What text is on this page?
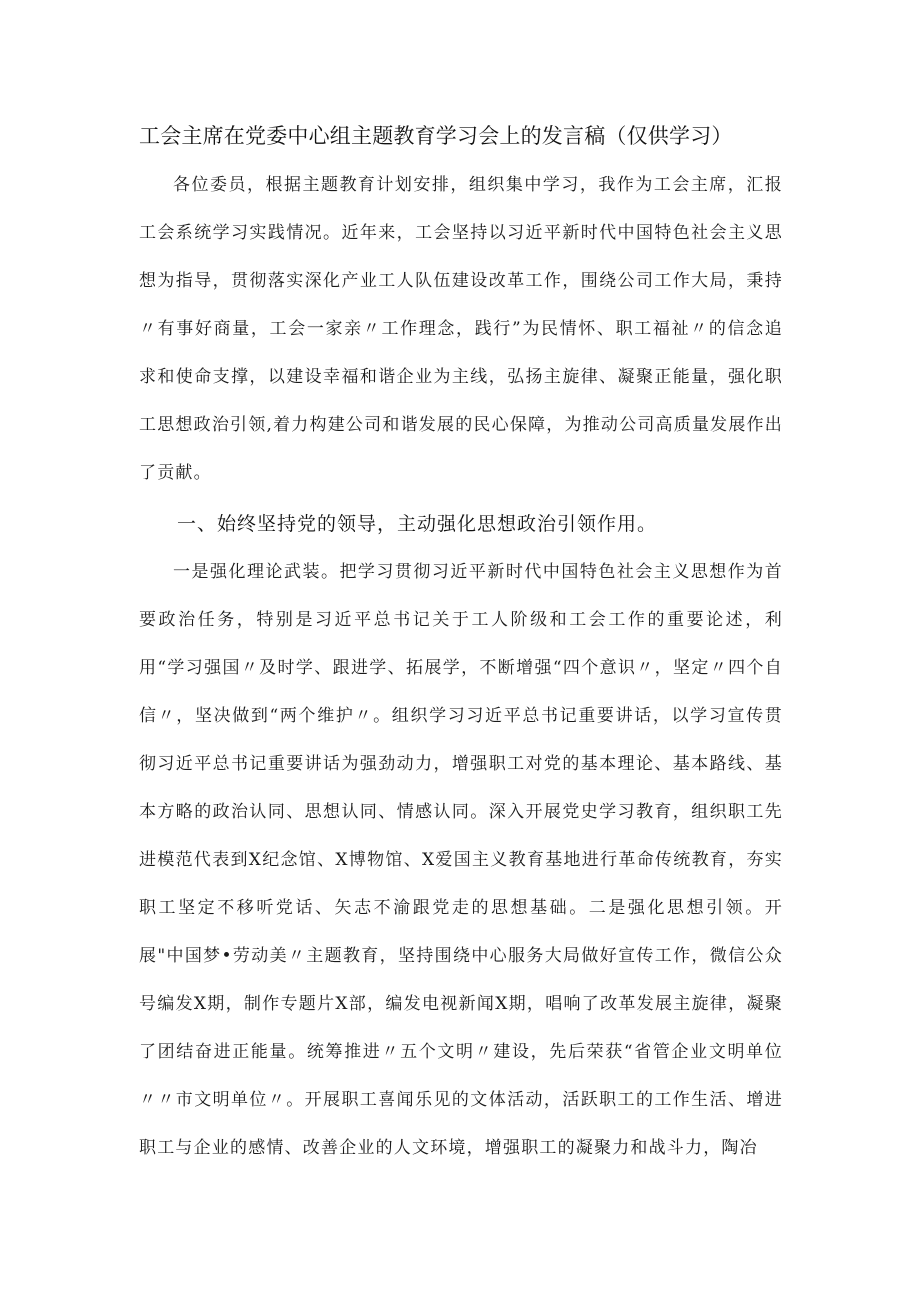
工会主席在党委中心组主题教育学习会上的发言稿（仅供学习）

各位委员，根据主题教育计划安排，组织集中学习，我作为工会主席，汇报工会系统学习实践情况。近年来，工会坚持以习近平新时代中国特色社会主义思想为指导，贯彻落实深化产业工人队伍建设改革工作，围绕公司工作大局，秉持〃有事好商量，工会一家亲〃工作理念，践行”为民情怀、职工福祉〃的信念追求和使命支撑，以建设幸福和谐企业为主线，弘扬主旋律、凝聚正能量，强化职工思想政治引领,着力构建公司和谐发展的民心保障，为推动公司高质量发展作出了贡献。

一、始终坚持党的领导，主动强化思想政治引领作用。

一是强化理论武装。把学习贯彻习近平新时代中国特色社会主义思想作为首要政治任务，特别是习近平总书记关于工人阶级和工会工作的重要论述，利用“学习强国〃及时学、跟进学、拓展学，不断增强“四个意识〃，坚定〃四个自信〃，坚决做到“两个维护〃。组织学习习近平总书记重要讲话，以学习宣传贯彻习近平总书记重要讲话为强劲动力，增强职工对党的基本理论、基本路线、基本方略的政治认同、思想认同、情感认同。深入开展党史学习教育，组织职工先进模范代表到X纪念馆、X博物馆、X爱国主义教育基地进行革命传统教育，夯实职工坚定不移听党话、矢志不渝跟党走的思想基础。二是强化思想引领。开展"中国梦•劳动美〃主题教育，坚持围绕中心服务大局做好宣传工作，微信公众号编发X期，制作专题片X部，编发电视新闻X期，唱响了改革发展主旋律，凝聚了团结奋进正能量。统筹推进〃五个文明〃建设，先后荣获“省管企业文明单位〃〃市文明单位〃。开展职工喜闻乐见的文体活动，活跃职工的工作生活、增进职工与企业的感情、改善企业的人文环境，增强职工的凝聚力和战斗力，陶冶
